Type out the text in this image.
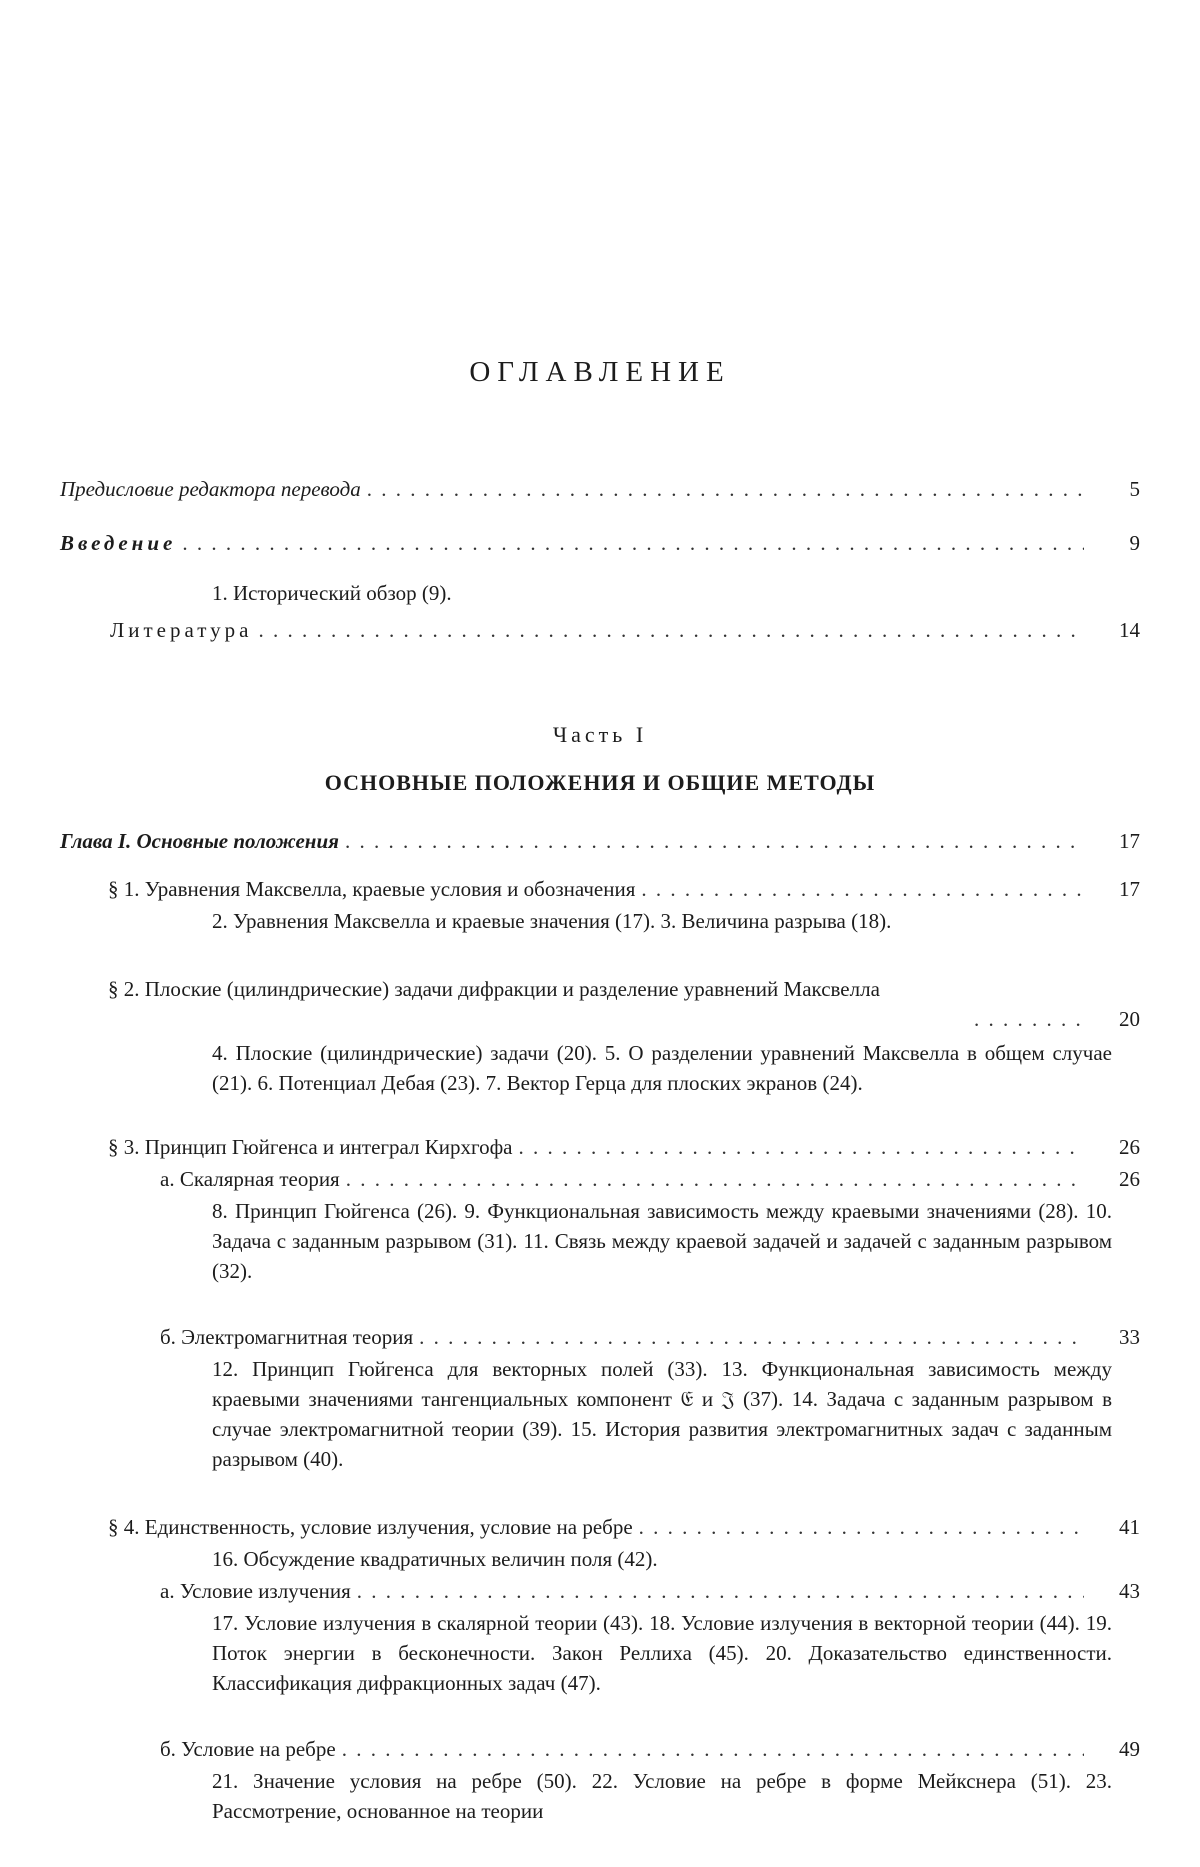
ОГЛАВЛЕНИЕ
Предисловие редактора перевода
. . .	5
Введение
. . .	9
1. Исторический обзор (9).
Литература
. . .	14
Часть I
ОСНОВНЫЕ ПОЛОЖЕНИЯ И ОБЩИЕ МЕТОДЫ
Глава I. Основные положения
. . .	17
§ 1. Уравнения Максвелла, краевые условия и обозначения
. . .	17
2. Уравнения Максвелла и краевые значения (17). 3. Величина разрыва (18).
§ 2. Плоские (цилиндрические) задачи дифракции и разделение уравнений Максвелла
. . .
20
4. Плоские (цилиндрические) задачи (20). 5. О разделении уравнений Максвелла в общем случае (21). 6. Потенциал Дебая (23). 7. Вектор Герца для плоских экранов (24).
§ 3. Принцип Гюйгенса и интеграл Кирхгофа
. . .	26
а. Скалярная теория
. . .	26
8. Принцип Гюйгенса (26). 9. Функциональная зависимость между краевыми значениями (28). 10. Задача с заданным разрывом (31). 11. Связь между краевой задачей и задачей с заданным разрывом (32).
б. Электромагнитная теория
. . .	33
12. Принцип Гюйгенса для векторных полей (33). 13. Функциональная зависимость между краевыми значениями тангенциальных компонент 𝔈 и 𝔍 (37). 14. Задача с заданным разрывом в случае электромагнитной теории (39). 15. История развития электромагнитных задач с заданным разрывом (40).
§ 4. Единственность, условие излучения, условие на ребре
. . .	41
16. Обсуждение квадратичных величин поля (42).
а. Условие излучения
. . .	43
17. Условие излучения в скалярной теории (43). 18. Условие излучения в векторной теории (44). 19. Поток энергии в бесконечности. Закон Реллиха (45). 20. Доказательство единственности. Классификация дифракционных задач (47).
б. Условие на ребре
. . .	49
21. Значение условия на ребре (50). 22. Условие на ребре в форме Мейкснера (51). 23. Рассмотрение, основанное на теории
